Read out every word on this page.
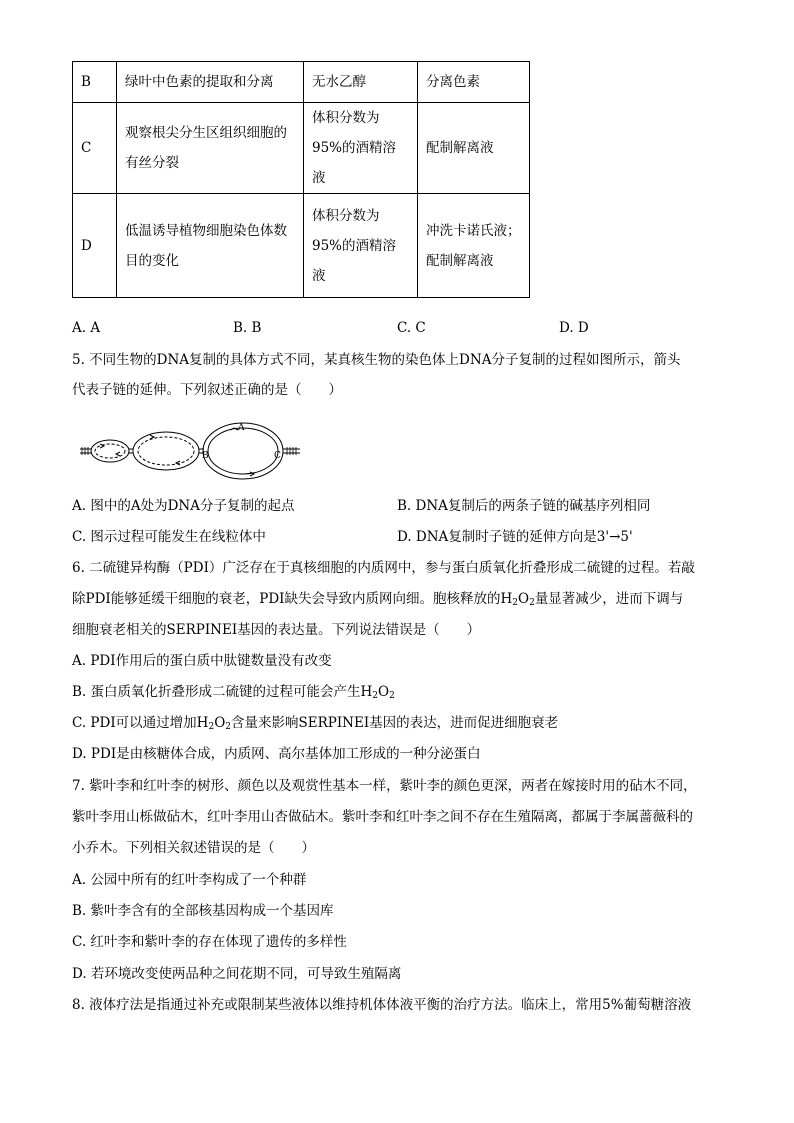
B	绿叶中色素的提取和分离	无水乙醇	分离色素
C	观察根尖分生区组织细胞的有丝分裂	体积分数为95%的酒精溶液	配制解离液
D	低温诱导植物细胞染色体数目的变化	体积分数为95%的酒精溶液	冲洗卡诺氏液；配制解离液
A. A	B. B	C. C	D. D
5. 不同生物的DNA复制的具体方式不同，某真核生物的染色体上DNA分子复制的过程如图所示，箭头
代表子链的延伸。下列叙述正确的是（　　）
A
B	C
A. 图中的A处为DNA分子复制的起点	B. DNA复制后的两条子链的碱基序列相同
C. 图示过程可能发生在线粒体中	D. DNA复制时子链的延伸方向是3'→5'
6. 二硫键异构酶（PDI）广泛存在于真核细胞的内质网中，参与蛋白质氧化折叠形成二硫键的过程。若敲
除PDI能够延缓干细胞的衰老，PDI缺失会导致内质网向细。胞核释放的$H_2O_2$量显著减少，进而下调与
细胞衰老相关的SERPINEI基因的表达量。下列说法错误是（　　）
A. PDI作用后的蛋白质中肽键数量没有改变
B. 蛋白质氧化折叠形成二硫键的过程可能会产生$H_2O_2$
C. PDI可以通过增加$H_2O_2$含量来影响SERPINEI基因的表达，进而促进细胞衰老
D. PDI是由核糖体合成，内质网、高尔基体加工形成的一种分泌蛋白
7. 紫叶李和红叶李的树形、颜色以及观赏性基本一样，紫叶李的颜色更深，两者在嫁接时用的砧木不同，
紫叶李用山栎做砧木，红叶李用山杏做砧木。紫叶李和红叶李之间不存在生殖隔离，都属于李属蔷薇科的
小乔木。下列相关叙述错误的是（　　）
A. 公园中所有的红叶李构成了一个种群
B. 紫叶李含有的全部核基因构成一个基因库
C. 红叶李和紫叶李的存在体现了遗传的多样性
D. 若环境改变使两品种之间花期不同，可导致生殖隔离
8. 液体疗法是指通过补充或限制某些液体以维持机体体液平衡的治疗方法。临床上，常用5%葡萄糖溶液
